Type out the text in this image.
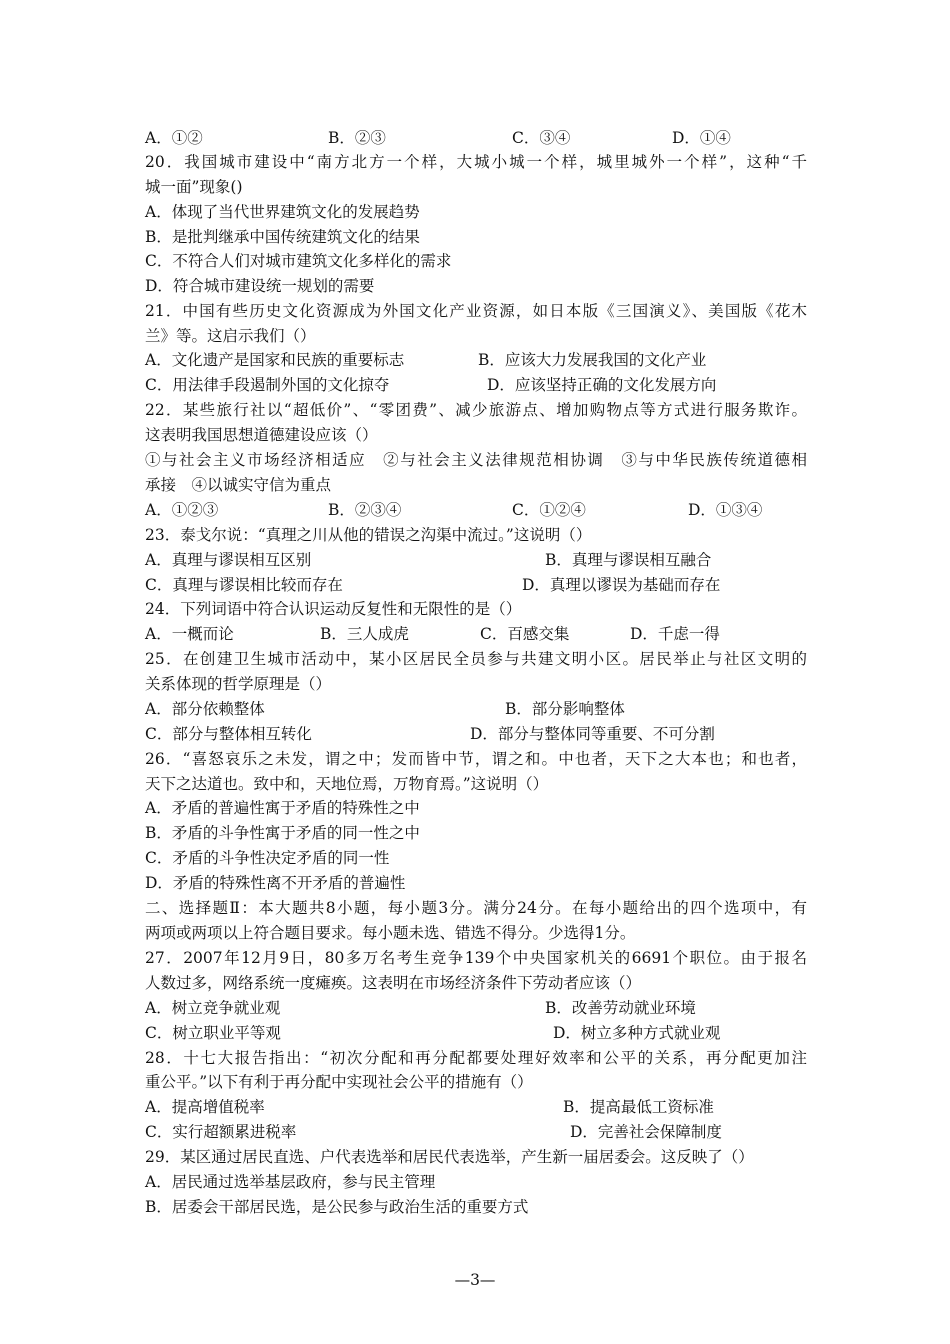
A．①②	B．②③	C．③④	D．①④
20．我国城市建设中“南方北方一个样，大城小城一个样，城里城外一个样”，这种“千
城一面”现象()
A．体现了当代世界建筑文化的发展趋势
B．是批判继承中国传统建筑文化的结果
C．不符合人们对城市建筑文化多样化的需求
D．符合城市建设统一规划的需要
21．中国有些历史文化资源成为外国文化产业资源，如日本版《三国演义》、美国版《花木
兰》等。这启示我们（）
A．文化遗产是国家和民族的重要标志	B．应该大力发展我国的文化产业
C．用法律手段遏制外国的文化掠夺	D．应该坚持正确的文化发展方向
22．某些旅行社以“超低价”、“零团费”、减少旅游点、增加购物点等方式进行服务欺诈。
这表明我国思想道德建设应该（）
①与社会主义市场经济相适应　②与社会主义法律规范相协调　③与中华民族传统道德相
承接　④以诚实守信为重点
A．①②③	B．②③④	C．①②④	D．①③④
23．泰戈尔说：“真理之川从他的错误之沟渠中流过。”这说明（）
A．真理与谬误相互区别	B．真理与谬误相互融合
C．真理与谬误相比较而存在	D．真理以谬误为基础而存在
24．下列词语中符合认识运动反复性和无限性的是（）
A．一概而论	B．三人成虎	C．百感交集	D．千虑一得
25．在创建卫生城市活动中，某小区居民全员参与共建文明小区。居民举止与社区文明的
关系体现的哲学原理是（）
A．部分依赖整体	B．部分影响整体
C．部分与整体相互转化	D．部分与整体同等重要、不可分割
26．“喜怒哀乐之未发，谓之中；发而皆中节，谓之和。中也者，天下之大本也；和也者，
天下之达道也。致中和，天地位焉，万物育焉。”这说明（）
A．矛盾的普遍性寓于矛盾的特殊性之中
B．矛盾的斗争性寓于矛盾的同一性之中
C．矛盾的斗争性决定矛盾的同一性
D．矛盾的特殊性离不开矛盾的普遍性
二、选择题Ⅱ：本大题共8小题，每小题3分。满分24分。在每小题给出的四个选项中，有
两项或两项以上符合题目要求。每小题未选、错选不得分。少选得1分。
27．2007年12月9日，80多万名考生竞争139个中央国家机关的6691个职位。由于报名
人数过多，网络系统一度瘫痪。这表明在市场经济条件下劳动者应该（）
A．树立竞争就业观	B．改善劳动就业环境
C．树立职业平等观	D．树立多种方式就业观
28．十七大报告指出：“初次分配和再分配都要处理好效率和公平的关系，再分配更加注
重公平。”以下有利于再分配中实现社会公平的措施有（）
A．提高增值税率	B．提高最低工资标准
C．实行超额累进税率	D．完善社会保障制度
29．某区通过居民直选、户代表选举和居民代表选举，产生新一届居委会。这反映了（）
A．居民通过选举基层政府，参与民主管理
B．居委会干部居民选，是公民参与政治生活的重要方式
—3—
